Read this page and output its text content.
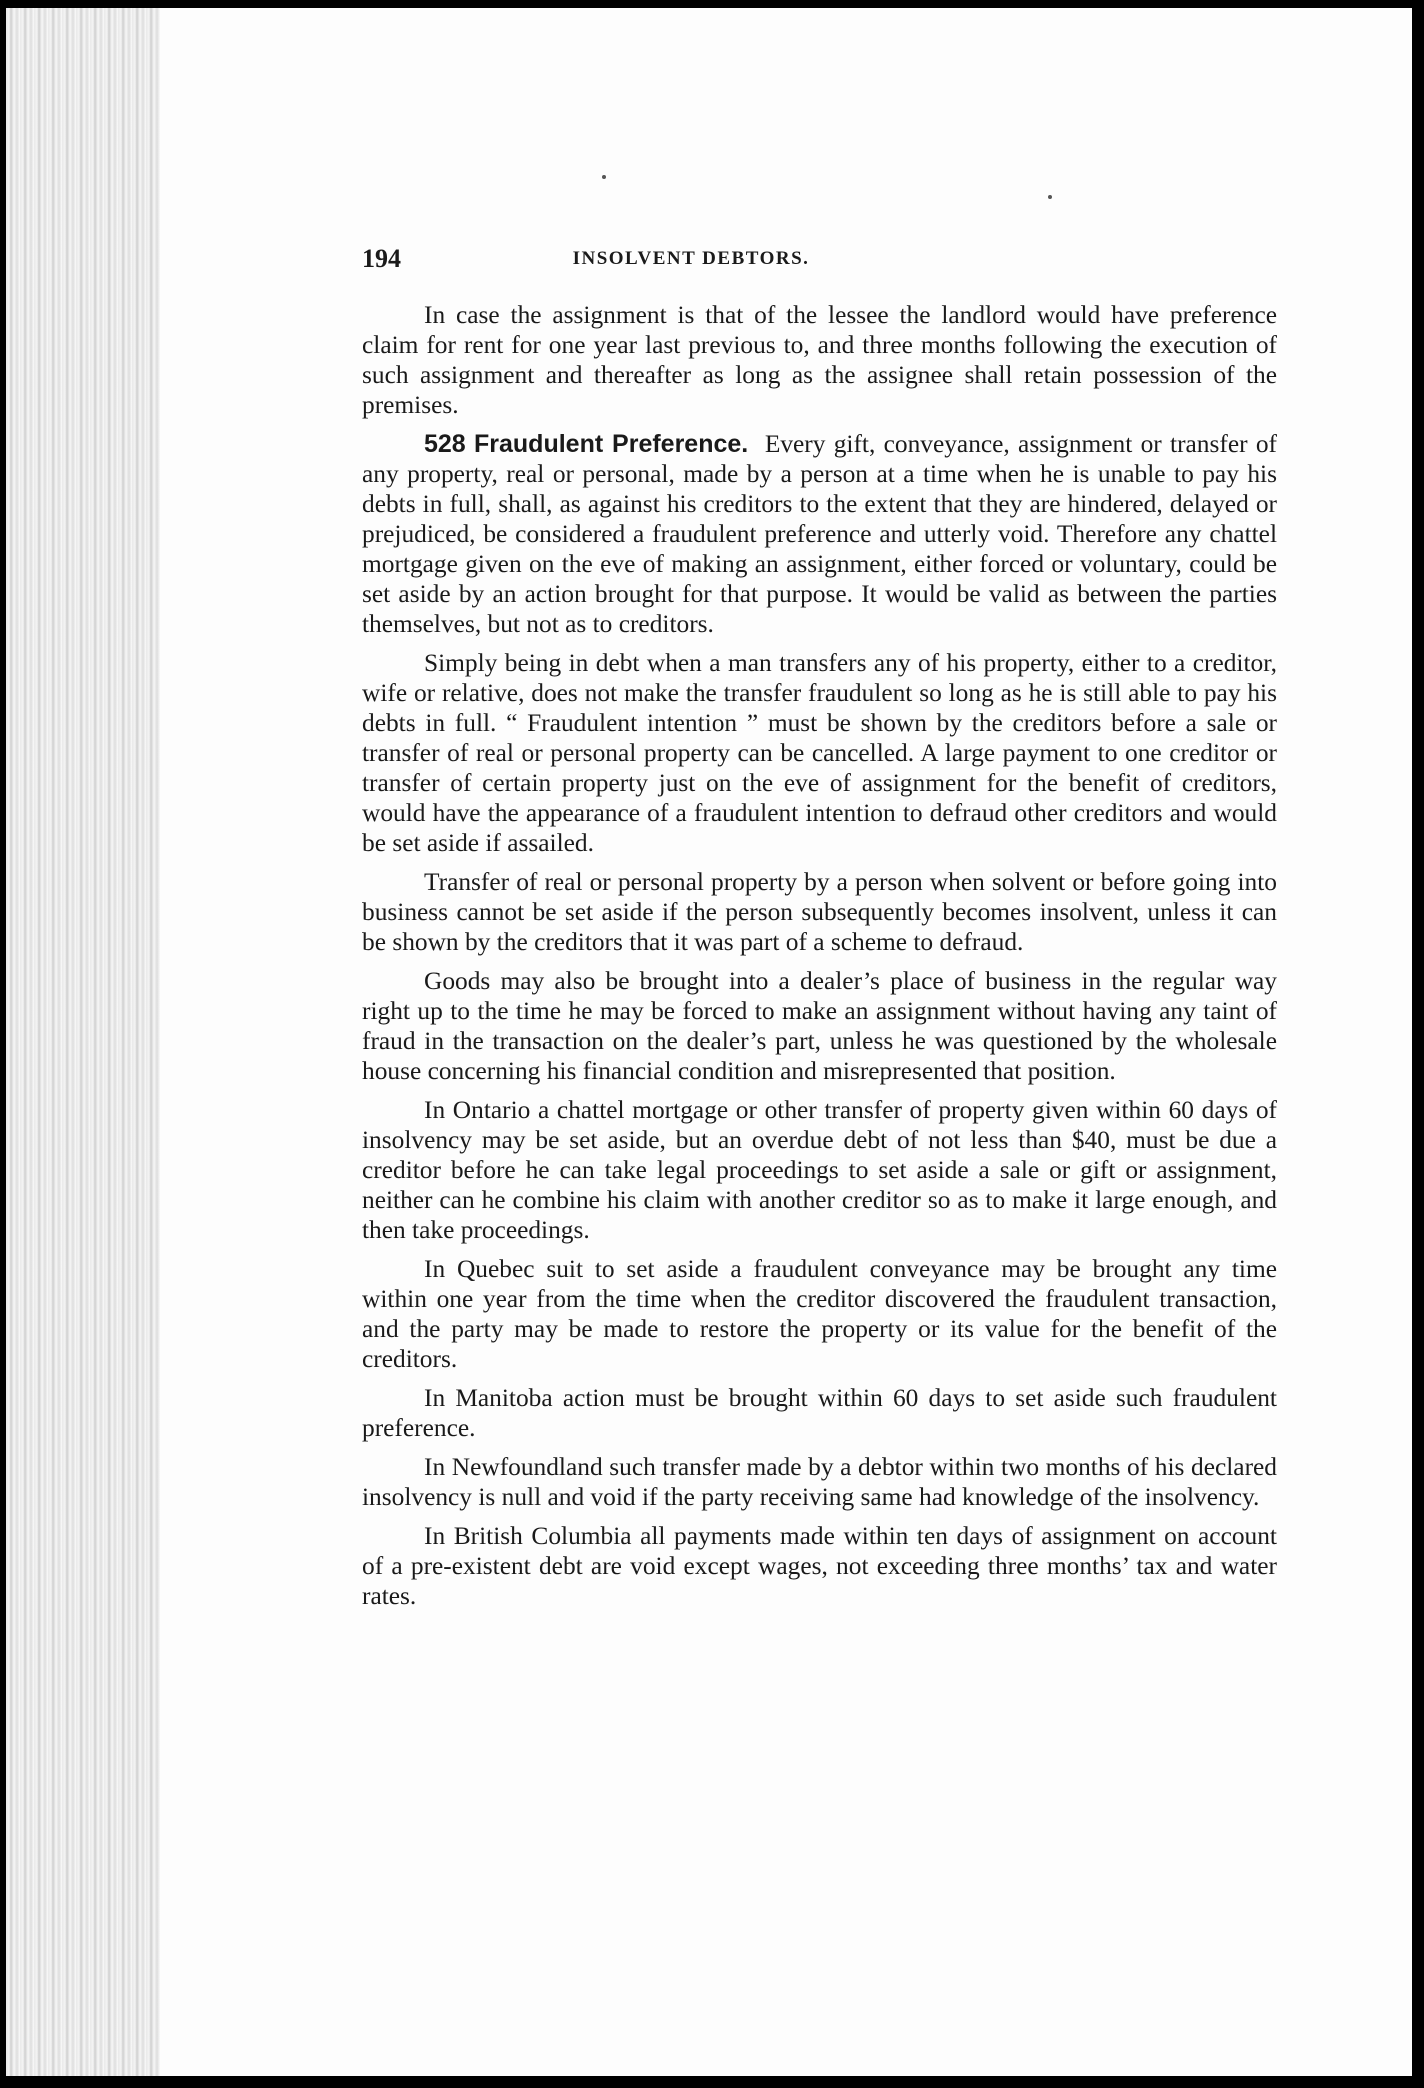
194	INSOLVENT DEBTORS.

In case the assignment is that of the lessee the landlord would have preference claim for rent for one year last previous to, and three months following the execution of such assignment and thereafter as long as the assignee shall retain possession of the premises.

528 Fraudulent Preference. Every gift, conveyance, assignment or transfer of any property, real or personal, made by a person at a time when he is unable to pay his debts in full, shall, as against his creditors to the extent that they are hindered, delayed or prejudiced, be considered a fraudulent preference and utterly void. Therefore any chattel mortgage given on the eve of making an assignment, either forced or voluntary, could be set aside by an action brought for that purpose. It would be valid as between the parties themselves, but not as to creditors.

Simply being in debt when a man transfers any of his property, either to a creditor, wife or relative, does not make the transfer fraudulent so long as he is still able to pay his debts in full. “ Fraudulent intention ” must be shown by the creditors before a sale or transfer of real or personal property can be cancelled. A large payment to one creditor or transfer of certain property just on the eve of assignment for the benefit of creditors, would have the appearance of a fraudulent intention to defraud other creditors and would be set aside if assailed.

Transfer of real or personal property by a person when solvent or before going into business cannot be set aside if the person subsequently becomes insolvent, unless it can be shown by the creditors that it was part of a scheme to defraud.

Goods may also be brought into a dealer’s place of business in the regular way right up to the time he may be forced to make an assignment without having any taint of fraud in the transaction on the dealer’s part, unless he was questioned by the wholesale house concerning his financial condition and misrepresented that position.

In Ontario a chattel mortgage or other transfer of property given within 60 days of insolvency may be set aside, but an overdue debt of not less than $40, must be due a creditor before he can take legal proceedings to set aside a sale or gift or assignment, neither can he combine his claim with another creditor so as to make it large enough, and then take proceedings.

In Quebec suit to set aside a fraudulent conveyance may be brought any time within one year from the time when the creditor discovered the fraudulent transaction, and the party may be made to restore the property or its value for the benefit of the creditors.

In Manitoba action must be brought within 60 days to set aside such fraudulent preference.

In Newfoundland such transfer made by a debtor within two months of his declared insolvency is null and void if the party receiving same had knowledge of the insolvency.

In British Columbia all payments made within ten days of assignment on account of a pre-existent debt are void except wages, not exceeding three months’ tax and water rates.
